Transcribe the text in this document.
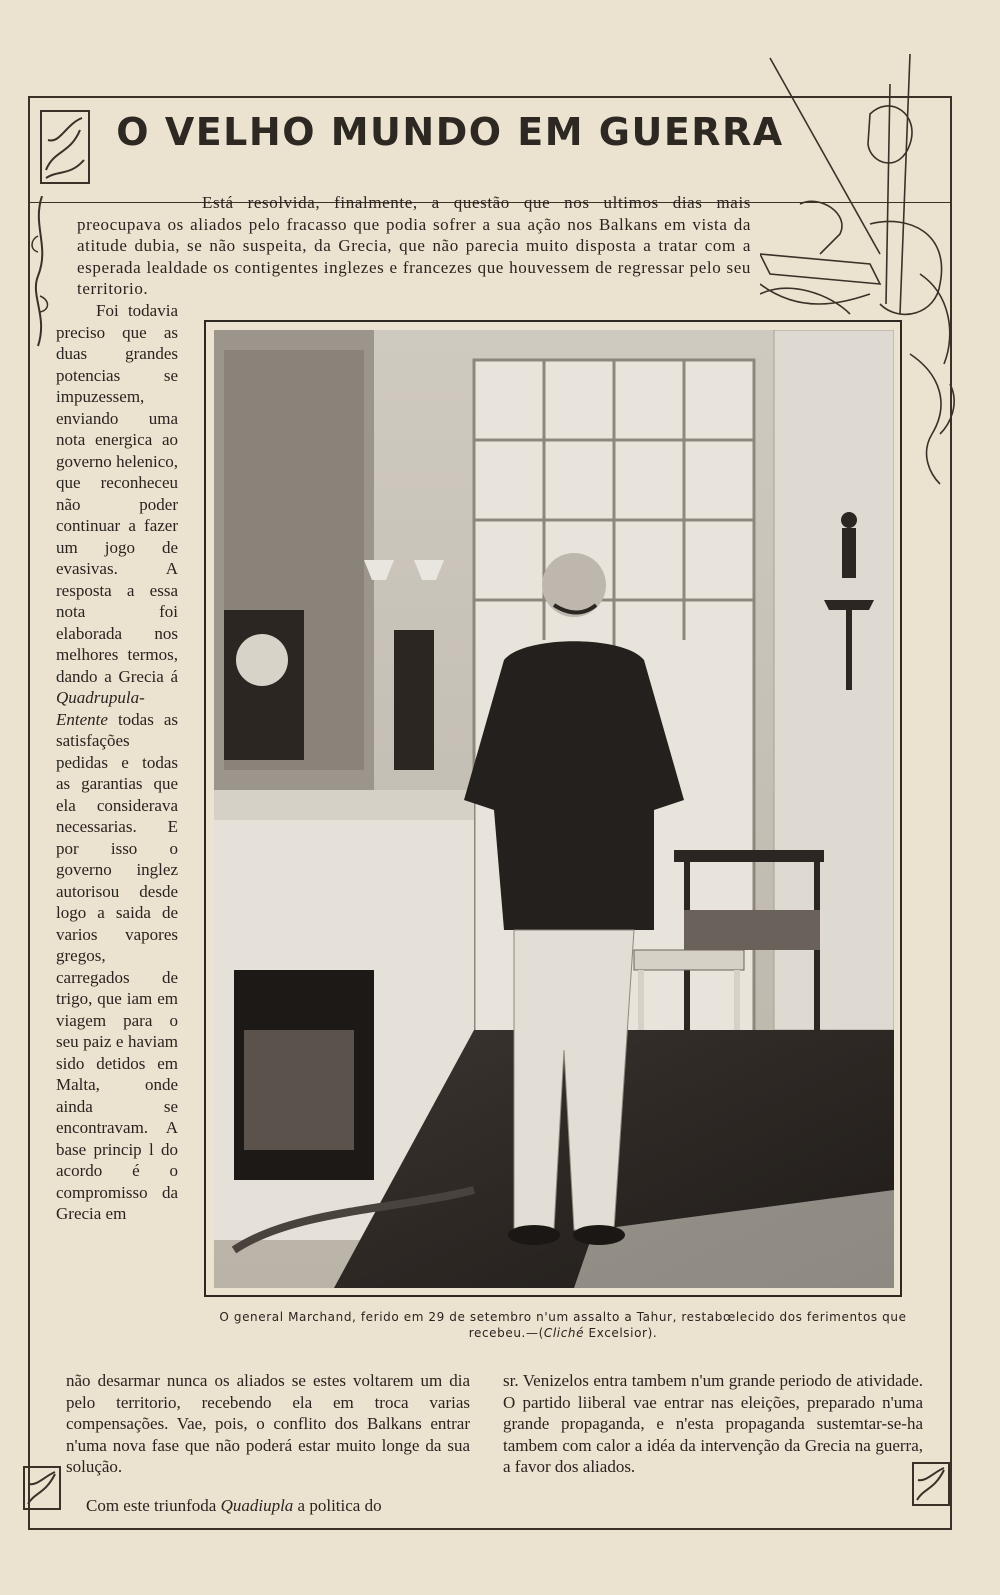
O VELHO MUNDO EM GUERRA

Está resolvida, finalmente, a questão que nos ultimos dias mais preocupava os aliados pelo fracasso que podia sofrer a sua ação nos Balkans em vista da atitude dubia, se não suspeita, da Grecia, que não parecia muito disposta a tratar com a esperada lealdade os contigentes inglezes e francezes que houvessem de regressar pelo seu territorio.

Foi todavia preciso que as duas grandes potencias se impuzessem, enviando uma nota energica ao governo helenico, que reconheceu não poder continuar a fazer um jogo de evasivas. A resposta a essa nota foi elaborada nos melhores termos, dando a Grecia á Quadrupula-Entente todas as satisfações pedidas e todas as garantias que ela considerava necessarias. E por isso o governo inglez autorisou desde logo a saida de varios vapores gregos, carregados de trigo, que iam em viagem para o seu paiz e haviam sido detidos em Malta, onde ainda se encontravam. A base princip l do acordo é o compromisso da Grecia em

O general Marchand, ferido em 29 de setembro n'um assalto a Tahur, restabœlecido dos ferimentos que recebeu.—(Cliché Excelsior).

não desarmar nunca os aliados se estes voltarem um dia pelo territorio, recebendo ela em troca varias compensações. Vae, pois, o conflito dos Balkans entrar n'uma nova fase que não poderá estar muito longe da sua solução.

Com este triunfoda Quadiupla a politica do

sr. Venizelos entra tambem n'um grande periodo de atividade. O partido liiberal vae entrar nas eleições, preparado n'uma grande propaganda, e n'esta propaganda sustemtar-se-ha tambem com calor a idéa da intervenção da Grecia na guerra, a favor dos aliados.
